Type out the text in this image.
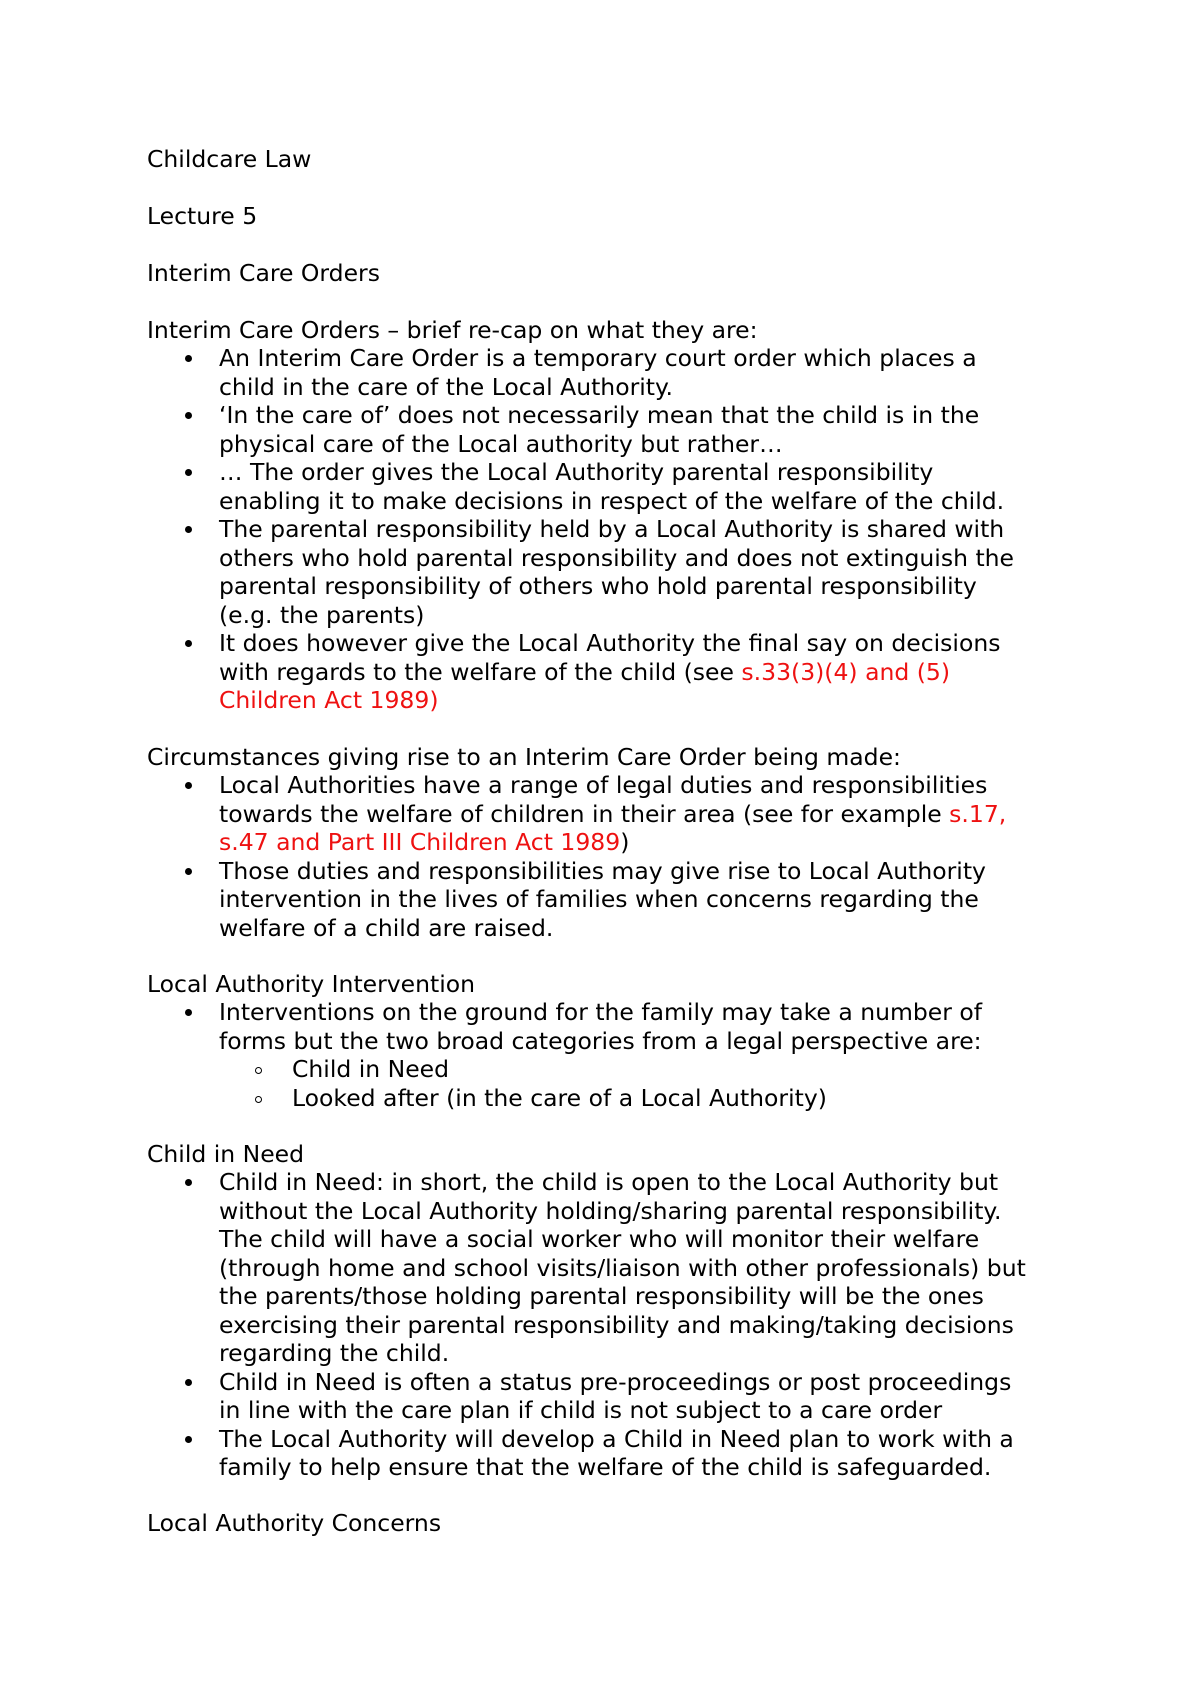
Childcare Law

Lecture 5

Interim Care Orders

Interim Care Orders – brief re-cap on what they are:

An Interim Care Order is a temporary court order which places a
child in the care of the Local Authority.
‘In the care of’ does not necessarily mean that the child is in the
physical care of the Local authority but rather…
… The order gives the Local Authority parental responsibility
enabling it to make decisions in respect of the welfare of the child.
The parental responsibility held by a Local Authority is shared with
others who hold parental responsibility and does not extinguish the
parental responsibility of others who hold parental responsibility
(e.g. the parents)
It does however give the Local Authority the final say on decisions
with regards to the welfare of the child (see s.33(3)(4) and (5)
Children Act 1989)

Circumstances giving rise to an Interim Care Order being made:

Local Authorities have a range of legal duties and responsibilities
towards the welfare of children in their area (see for example s.17,
s.47 and Part III Children Act 1989)
Those duties and responsibilities may give rise to Local Authority
intervention in the lives of families when concerns regarding the
welfare of a child are raised.

Local Authority Intervention

Interventions on the ground for the family may take a number of
forms but the two broad categories from a legal perspective are:
Child in Need
Looked after (in the care of a Local Authority)

Child in Need

Child in Need: in short, the child is open to the Local Authority but
without the Local Authority holding/sharing parental responsibility.
The child will have a social worker who will monitor their welfare
(through home and school visits/liaison with other professionals) but
the parents/those holding parental responsibility will be the ones
exercising their parental responsibility and making/taking decisions
regarding the child.
Child in Need is often a status pre-proceedings or post proceedings
in line with the care plan if child is not subject to a care order
The Local Authority will develop a Child in Need plan to work with a
family to help ensure that the welfare of the child is safeguarded.

Local Authority Concerns
